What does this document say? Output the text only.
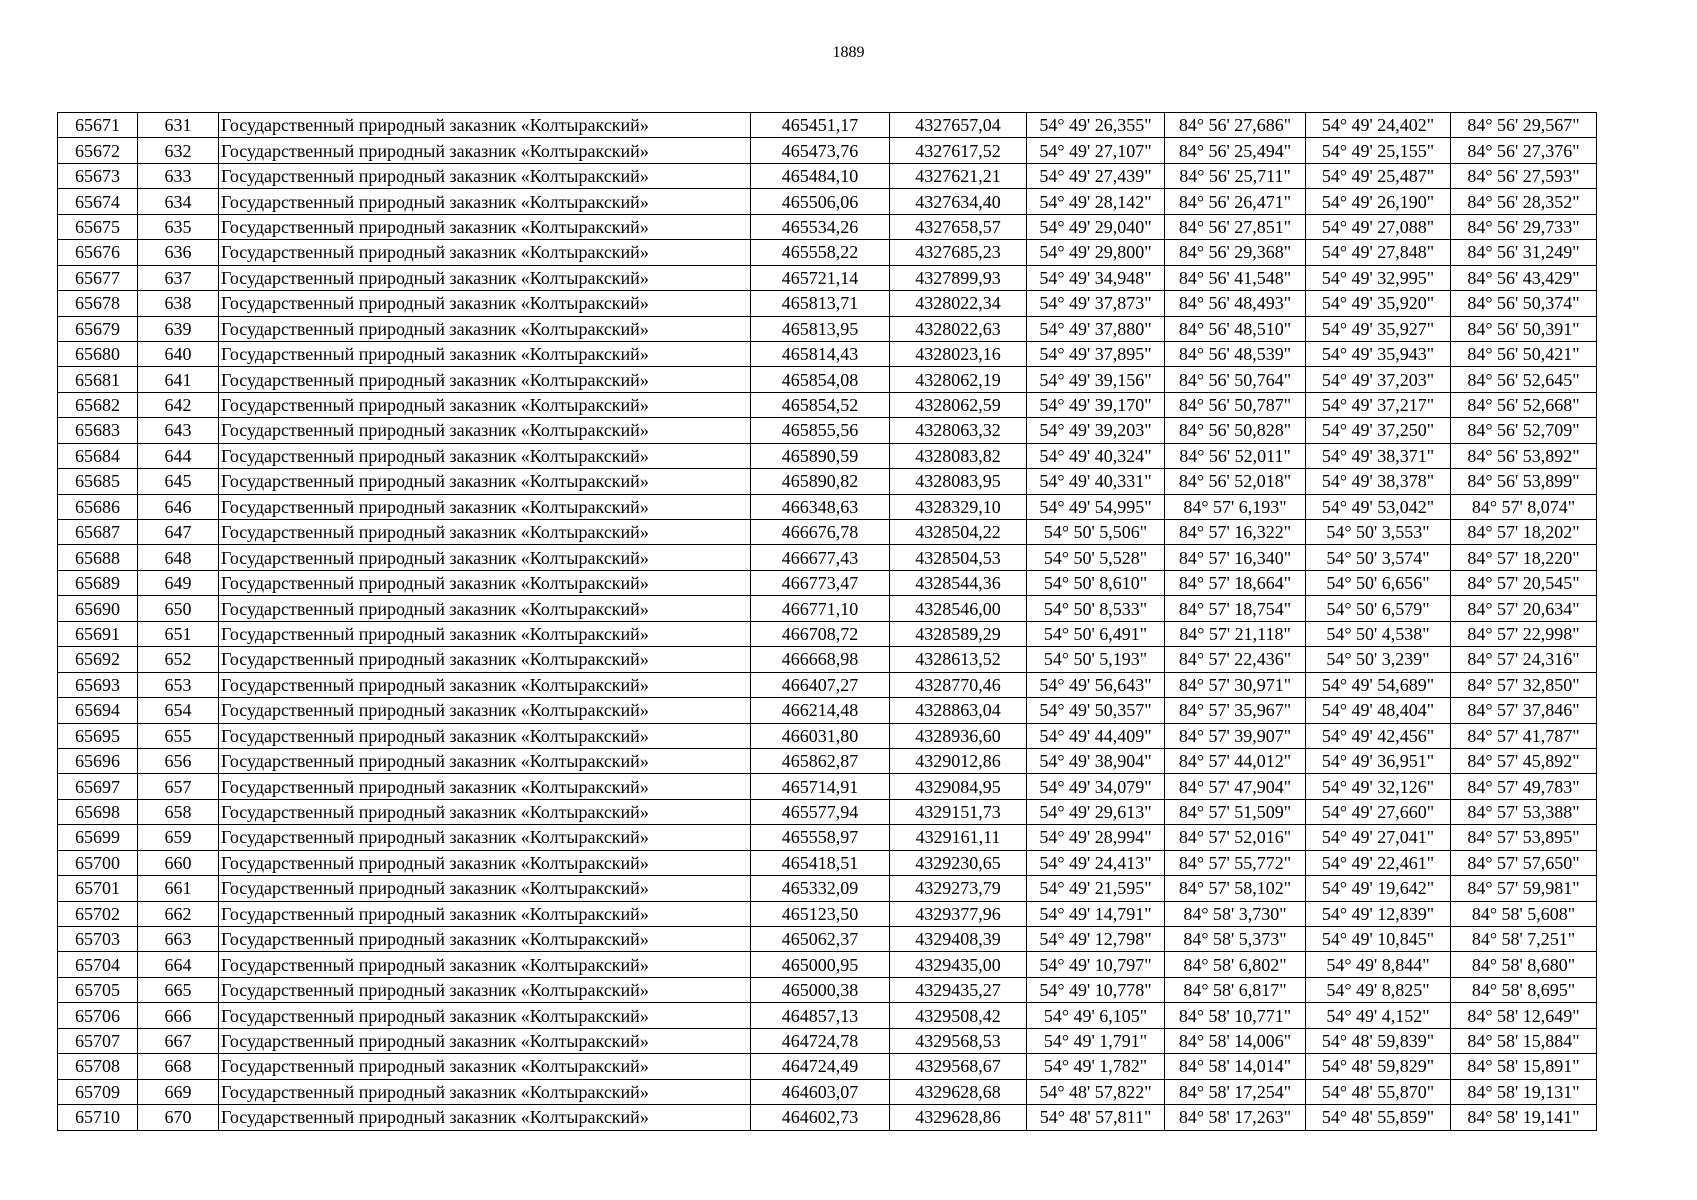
1889
65671	631	Государственный природный заказник «Колтыракский»	465451,17	4327657,04	54° 49' 26,355"	84° 56' 27,686"	54° 49' 24,402"	84° 56' 29,567"
65672	632	Государственный природный заказник «Колтыракский»	465473,76	4327617,52	54° 49' 27,107"	84° 56' 25,494"	54° 49' 25,155"	84° 56' 27,376"
65673	633	Государственный природный заказник «Колтыракский»	465484,10	4327621,21	54° 49' 27,439"	84° 56' 25,711"	54° 49' 25,487"	84° 56' 27,593"
65674	634	Государственный природный заказник «Колтыракский»	465506,06	4327634,40	54° 49' 28,142"	84° 56' 26,471"	54° 49' 26,190"	84° 56' 28,352"
65675	635	Государственный природный заказник «Колтыракский»	465534,26	4327658,57	54° 49' 29,040"	84° 56' 27,851"	54° 49' 27,088"	84° 56' 29,733"
65676	636	Государственный природный заказник «Колтыракский»	465558,22	4327685,23	54° 49' 29,800"	84° 56' 29,368"	54° 49' 27,848"	84° 56' 31,249"
65677	637	Государственный природный заказник «Колтыракский»	465721,14	4327899,93	54° 49' 34,948"	84° 56' 41,548"	54° 49' 32,995"	84° 56' 43,429"
65678	638	Государственный природный заказник «Колтыракский»	465813,71	4328022,34	54° 49' 37,873"	84° 56' 48,493"	54° 49' 35,920"	84° 56' 50,374"
65679	639	Государственный природный заказник «Колтыракский»	465813,95	4328022,63	54° 49' 37,880"	84° 56' 48,510"	54° 49' 35,927"	84° 56' 50,391"
65680	640	Государственный природный заказник «Колтыракский»	465814,43	4328023,16	54° 49' 37,895"	84° 56' 48,539"	54° 49' 35,943"	84° 56' 50,421"
65681	641	Государственный природный заказник «Колтыракский»	465854,08	4328062,19	54° 49' 39,156"	84° 56' 50,764"	54° 49' 37,203"	84° 56' 52,645"
65682	642	Государственный природный заказник «Колтыракский»	465854,52	4328062,59	54° 49' 39,170"	84° 56' 50,787"	54° 49' 37,217"	84° 56' 52,668"
65683	643	Государственный природный заказник «Колтыракский»	465855,56	4328063,32	54° 49' 39,203"	84° 56' 50,828"	54° 49' 37,250"	84° 56' 52,709"
65684	644	Государственный природный заказник «Колтыракский»	465890,59	4328083,82	54° 49' 40,324"	84° 56' 52,011"	54° 49' 38,371"	84° 56' 53,892"
65685	645	Государственный природный заказник «Колтыракский»	465890,82	4328083,95	54° 49' 40,331"	84° 56' 52,018"	54° 49' 38,378"	84° 56' 53,899"
65686	646	Государственный природный заказник «Колтыракский»	466348,63	4328329,10	54° 49' 54,995"	84° 57' 6,193"	54° 49' 53,042"	84° 57' 8,074"
65687	647	Государственный природный заказник «Колтыракский»	466676,78	4328504,22	54° 50' 5,506"	84° 57' 16,322"	54° 50' 3,553"	84° 57' 18,202"
65688	648	Государственный природный заказник «Колтыракский»	466677,43	4328504,53	54° 50' 5,528"	84° 57' 16,340"	54° 50' 3,574"	84° 57' 18,220"
65689	649	Государственный природный заказник «Колтыракский»	466773,47	4328544,36	54° 50' 8,610"	84° 57' 18,664"	54° 50' 6,656"	84° 57' 20,545"
65690	650	Государственный природный заказник «Колтыракский»	466771,10	4328546,00	54° 50' 8,533"	84° 57' 18,754"	54° 50' 6,579"	84° 57' 20,634"
65691	651	Государственный природный заказник «Колтыракский»	466708,72	4328589,29	54° 50' 6,491"	84° 57' 21,118"	54° 50' 4,538"	84° 57' 22,998"
65692	652	Государственный природный заказник «Колтыракский»	466668,98	4328613,52	54° 50' 5,193"	84° 57' 22,436"	54° 50' 3,239"	84° 57' 24,316"
65693	653	Государственный природный заказник «Колтыракский»	466407,27	4328770,46	54° 49' 56,643"	84° 57' 30,971"	54° 49' 54,689"	84° 57' 32,850"
65694	654	Государственный природный заказник «Колтыракский»	466214,48	4328863,04	54° 49' 50,357"	84° 57' 35,967"	54° 49' 48,404"	84° 57' 37,846"
65695	655	Государственный природный заказник «Колтыракский»	466031,80	4328936,60	54° 49' 44,409"	84° 57' 39,907"	54° 49' 42,456"	84° 57' 41,787"
65696	656	Государственный природный заказник «Колтыракский»	465862,87	4329012,86	54° 49' 38,904"	84° 57' 44,012"	54° 49' 36,951"	84° 57' 45,892"
65697	657	Государственный природный заказник «Колтыракский»	465714,91	4329084,95	54° 49' 34,079"	84° 57' 47,904"	54° 49' 32,126"	84° 57' 49,783"
65698	658	Государственный природный заказник «Колтыракский»	465577,94	4329151,73	54° 49' 29,613"	84° 57' 51,509"	54° 49' 27,660"	84° 57' 53,388"
65699	659	Государственный природный заказник «Колтыракский»	465558,97	4329161,11	54° 49' 28,994"	84° 57' 52,016"	54° 49' 27,041"	84° 57' 53,895"
65700	660	Государственный природный заказник «Колтыракский»	465418,51	4329230,65	54° 49' 24,413"	84° 57' 55,772"	54° 49' 22,461"	84° 57' 57,650"
65701	661	Государственный природный заказник «Колтыракский»	465332,09	4329273,79	54° 49' 21,595"	84° 57' 58,102"	54° 49' 19,642"	84° 57' 59,981"
65702	662	Государственный природный заказник «Колтыракский»	465123,50	4329377,96	54° 49' 14,791"	84° 58' 3,730"	54° 49' 12,839"	84° 58' 5,608"
65703	663	Государственный природный заказник «Колтыракский»	465062,37	4329408,39	54° 49' 12,798"	84° 58' 5,373"	54° 49' 10,845"	84° 58' 7,251"
65704	664	Государственный природный заказник «Колтыракский»	465000,95	4329435,00	54° 49' 10,797"	84° 58' 6,802"	54° 49' 8,844"	84° 58' 8,680"
65705	665	Государственный природный заказник «Колтыракский»	465000,38	4329435,27	54° 49' 10,778"	84° 58' 6,817"	54° 49' 8,825"	84° 58' 8,695"
65706	666	Государственный природный заказник «Колтыракский»	464857,13	4329508,42	54° 49' 6,105"	84° 58' 10,771"	54° 49' 4,152"	84° 58' 12,649"
65707	667	Государственный природный заказник «Колтыракский»	464724,78	4329568,53	54° 49' 1,791"	84° 58' 14,006"	54° 48' 59,839"	84° 58' 15,884"
65708	668	Государственный природный заказник «Колтыракский»	464724,49	4329568,67	54° 49' 1,782"	84° 58' 14,014"	54° 48' 59,829"	84° 58' 15,891"
65709	669	Государственный природный заказник «Колтыракский»	464603,07	4329628,68	54° 48' 57,822"	84° 58' 17,254"	54° 48' 55,870"	84° 58' 19,131"
65710	670	Государственный природный заказник «Колтыракский»	464602,73	4329628,86	54° 48' 57,811"	84° 58' 17,263"	54° 48' 55,859"	84° 58' 19,141"
